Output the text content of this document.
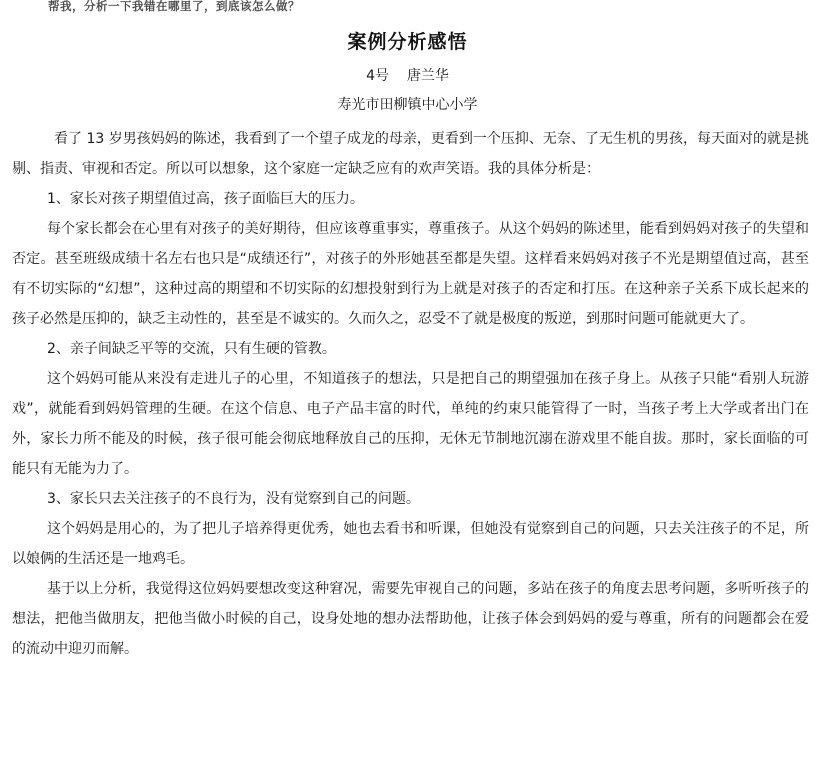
帮我，分析一下我错在哪里了，到底该怎么做？
案例分析感悟
4号    唐兰华
寿光市田柳镇中心小学

看了 13 岁男孩妈妈的陈述，我看到了一个望子成龙的母亲，更看到一个压抑、无奈、了无生机的男孩，每天面对的就是挑剔、指责、审视和否定。所以可以想象，这个家庭一定缺乏应有的欢声笑语。我的具体分析是：

1、家长对孩子期望值过高，孩子面临巨大的压力。

每个家长都会在心里有对孩子的美好期待，但应该尊重事实，尊重孩子。从这个妈妈的陈述里，能看到妈妈对孩子的失望和否定。甚至班级成绩十名左右也只是“成绩还行”，对孩子的外形她甚至都是失望。这样看来妈妈对孩子不光是期望值过高，甚至有不切实际的“幻想”，这种过高的期望和不切实际的幻想投射到行为上就是对孩子的否定和打压。在这种亲子关系下成长起来的孩子必然是压抑的，缺乏主动性的，甚至是不诚实的。久而久之，忍受不了就是极度的叛逆，到那时问题可能就更大了。

2、亲子间缺乏平等的交流，只有生硬的管教。

这个妈妈可能从来没有走进儿子的心里，不知道孩子的想法，只是把自己的期望强加在孩子身上。从孩子只能“看别人玩游戏”，就能看到妈妈管理的生硬。在这个信息、电子产品丰富的时代，单纯的约束只能管得了一时，当孩子考上大学或者出门在外，家长力所不能及的时候，孩子很可能会彻底地释放自己的压抑，无休无节制地沉溺在游戏里不能自拔。那时，家长面临的可能只有无能为力了。

3、家长只去关注孩子的不良行为，没有觉察到自己的问题。

这个妈妈是用心的，为了把儿子培养得更优秀，她也去看书和听课，但她没有觉察到自己的问题，只去关注孩子的不足，所以娘俩的生活还是一地鸡毛。

基于以上分析，我觉得这位妈妈要想改变这种窘况，需要先审视自己的问题，多站在孩子的角度去思考问题，多听听孩子的想法，把他当做朋友，把他当做小时候的自己，设身处地的想办法帮助他，让孩子体会到妈妈的爱与尊重，所有的问题都会在爱的流动中迎刃而解。
